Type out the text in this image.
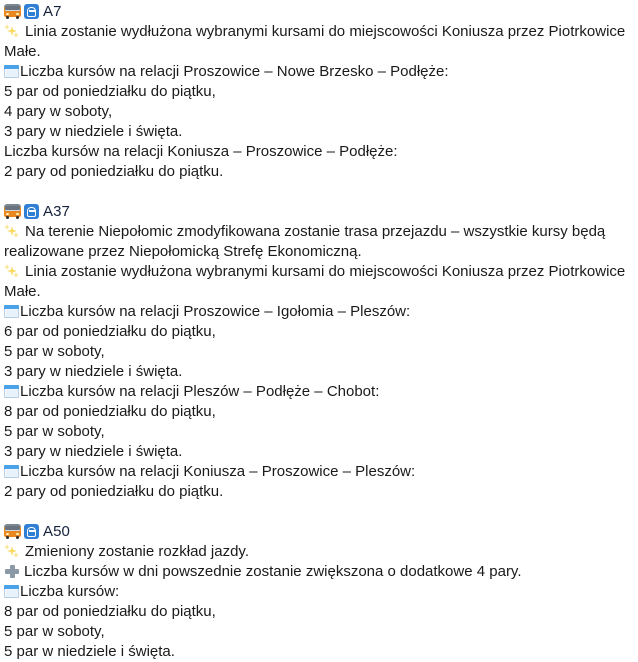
A7
Linia zostanie wydłużona wybranymi kursami do miejscowości Koniusza przez Piotrkowice Małe.
Liczba kursów na relacji Proszowice – Nowe Brzesko – Podłęże:
5 par od poniedziałku do piątku,
4 pary w soboty,
3 pary w niedziele i święta.
Liczba kursów na relacji Koniusza – Proszowice – Podłęże:
2 pary od poniedziałku do piątku.
A37
Na terenie Niepołomic zmodyfikowana zostanie trasa przejazdu – wszystkie kursy będą realizowane przez Niepołomicką Strefę Ekonomiczną.
Linia zostanie wydłużona wybranymi kursami do miejscowości Koniusza przez Piotrkowice Małe.
Liczba kursów na relacji Proszowice – Igołomia – Pleszów:
6 par od poniedziałku do piątku,
5 par w soboty,
3 pary w niedziele i święta.
Liczba kursów na relacji Pleszów – Podłęże – Chobot:
8 par od poniedziałku do piątku,
5 par w soboty,
3 pary w niedziele i święta.
Liczba kursów na relacji Koniusza – Proszowice – Pleszów:
2 pary od poniedziałku do piątku.
A50
Zmieniony zostanie rozkład jazdy.
Liczba kursów w dni powszednie zostanie zwiększona o dodatkowe 4 pary.
Liczba kursów:
8 par od poniedziałku do piątku,
5 par w soboty,
5 par w niedziele i święta.
